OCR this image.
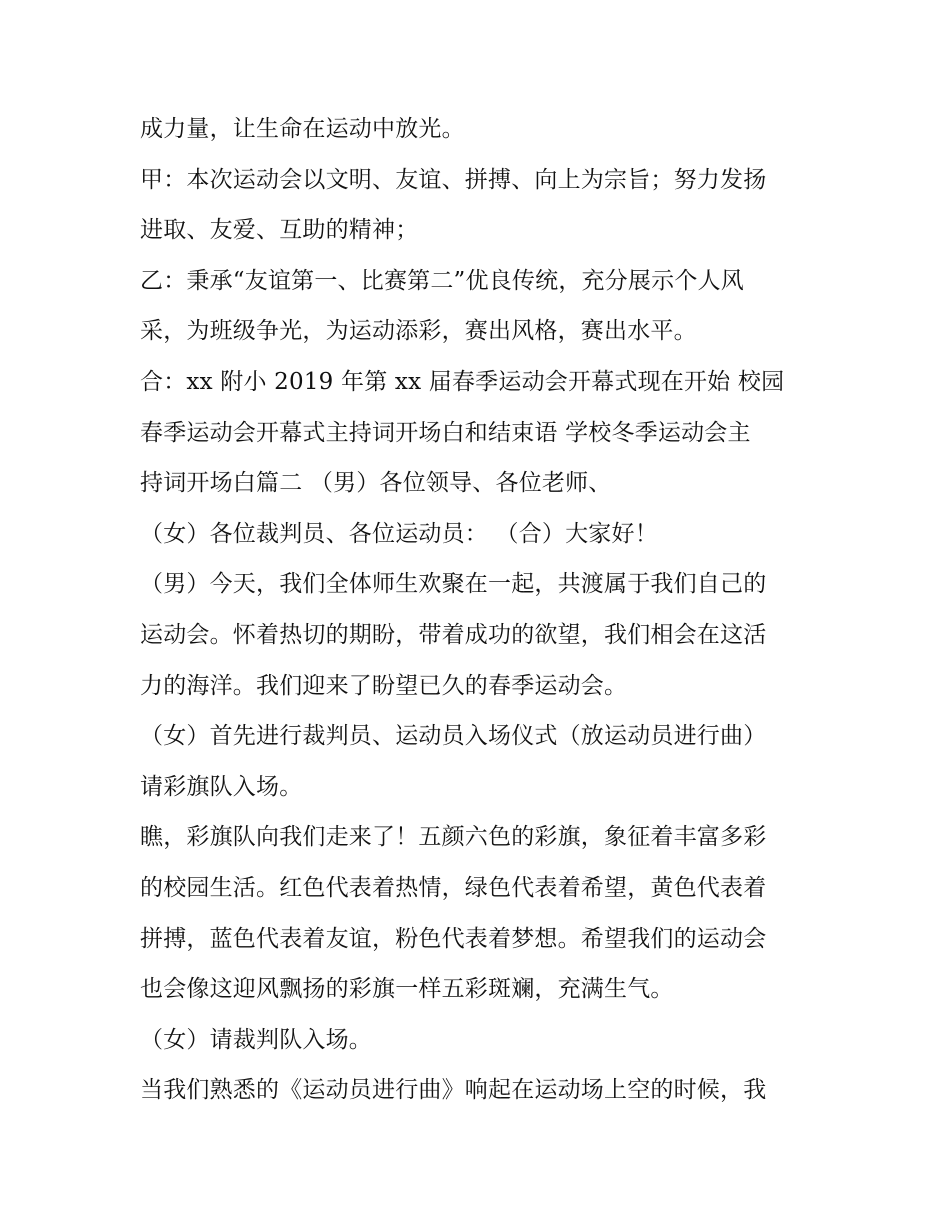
成力量，让生命在运动中放光。
甲：本次运动会以文明、友谊、拼搏、向上为宗旨；努力发扬
进取、友爱、互助的精神；
乙：秉承“友谊第一、比赛第二”优良传统，充分展示个人风
采，为班级争光，为运动添彩，赛出风格，赛出水平。
合：xx 附小 2019 年第 xx 届春季运动会开幕式现在开始 校园
春季运动会开幕式主持词开场白和结束语 学校冬季运动会主
持词开场白篇二 （男）各位领导、各位老师、
（女）各位裁判员、各位运动员： （合）大家好！
（男）今天，我们全体师生欢聚在一起，共渡属于我们自己的
运动会。怀着热切的期盼，带着成功的欲望，我们相会在这活
力的海洋。我们迎来了盼望已久的春季运动会。
（女）首先进行裁判员、运动员入场仪式（放运动员进行曲）
请彩旗队入场。
瞧，彩旗队向我们走来了！五颜六色的彩旗，象征着丰富多彩
的校园生活。红色代表着热情，绿色代表着希望，黄色代表着
拼搏，蓝色代表着友谊，粉色代表着梦想。希望我们的运动会
也会像这迎风飘扬的彩旗一样五彩斑斓，充满生气。
（女）请裁判队入场。
当我们熟悉的《运动员进行曲》响起在运动场上空的时候，我
